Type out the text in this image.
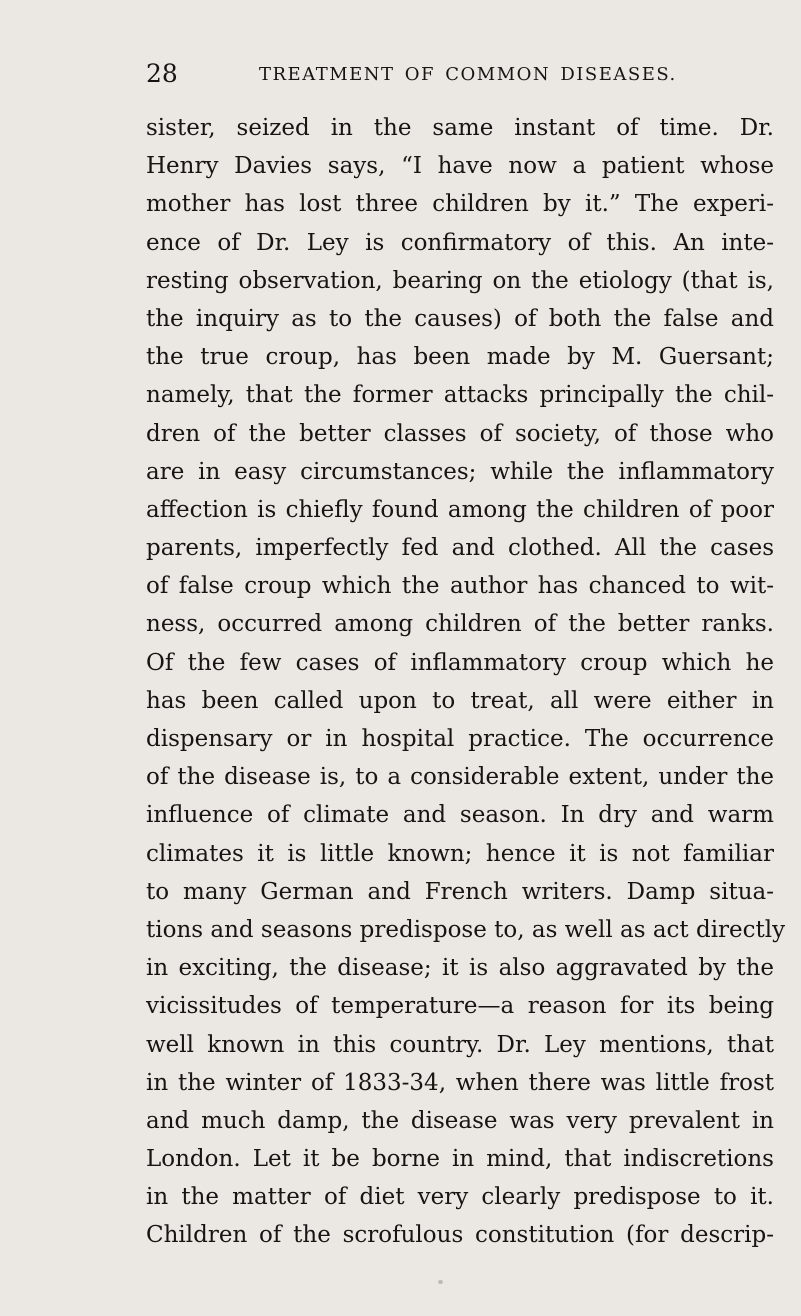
28	TREATMENT OF COMMON DISEASES.
sister, seized in the same instant of time. Dr.
Henry Davies says, “I have now a patient whose
mother has lost three children by it.” The experi-
ence of Dr. Ley is confirmatory of this. An inte-
resting observation, bearing on the etiology (that is,
the inquiry as to the causes) of both the false and
the true croup, has been made by M. Guersant;
namely, that the former attacks principally the chil-
dren of the better classes of society, of those who
are in easy circumstances; while the inflammatory
affection is chiefly found among the children of poor
parents, imperfectly fed and clothed. All the cases
of false croup which the author has chanced to wit-
ness, occurred among children of the better ranks.
Of the few cases of inflammatory croup which he
has been called upon to treat, all were either in
dispensary or in hospital practice. The occurrence
of the disease is, to a considerable extent, under the
influence of climate and season. In dry and warm
climates it is little known; hence it is not familiar
to many German and French writers. Damp situa-
tions and seasons predispose to, as well as act directly
in exciting, the disease; it is also aggravated by the
vicissitudes of temperature—a reason for its being
well known in this country. Dr. Ley mentions, that
in the winter of 1833-34, when there was little frost
and much damp, the disease was very prevalent in
London. Let it be borne in mind, that indiscretions
in the matter of diet very clearly predispose to it.
Children of the scrofulous constitution (for descrip-
